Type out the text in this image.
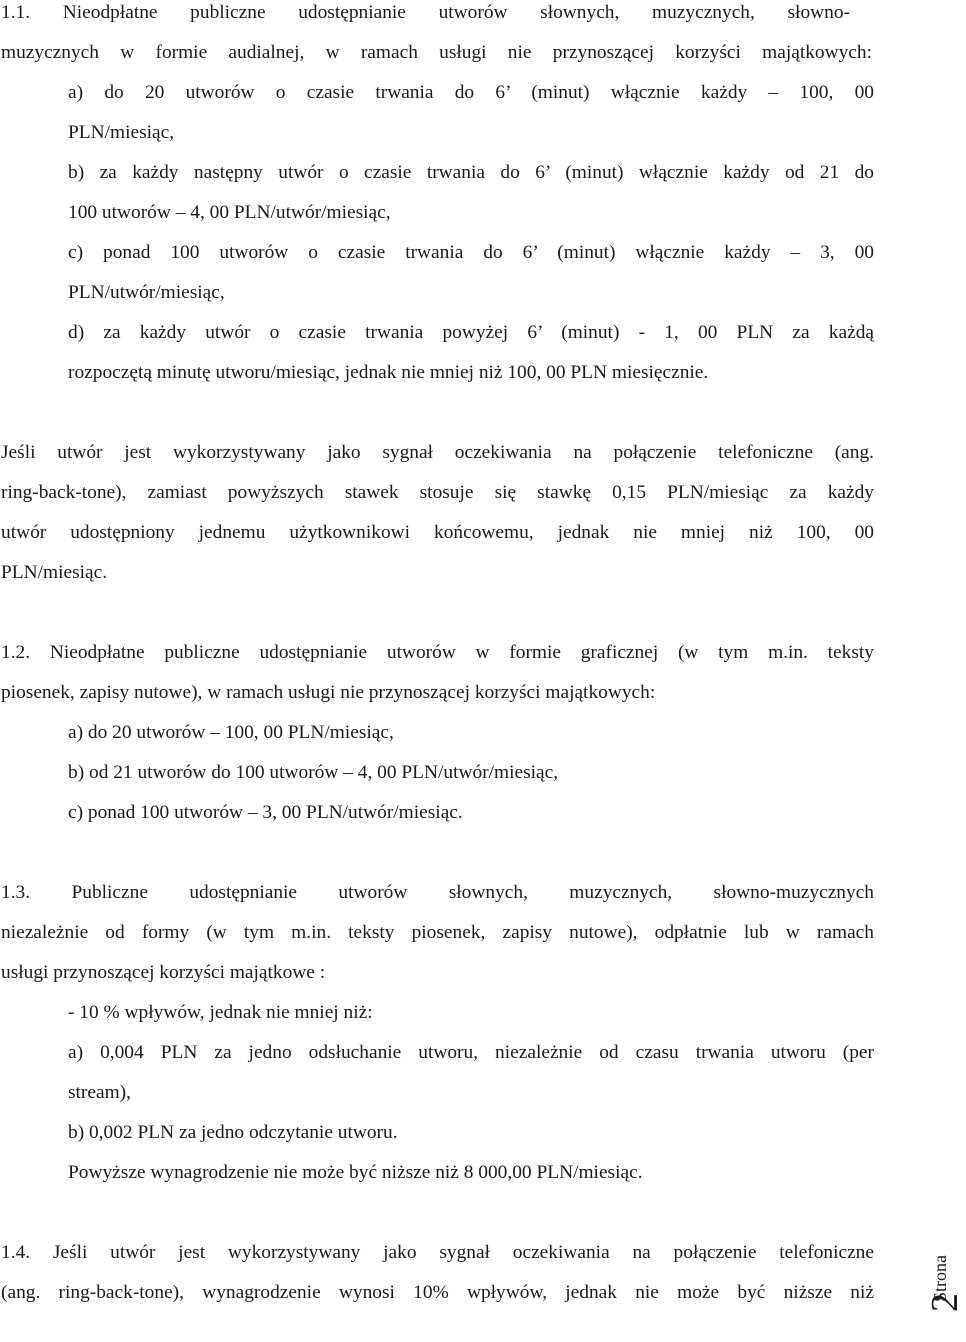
1.1. Nieodpłatne publiczne udostępnianie utworów słownych, muzycznych, słowno-

muzycznych w formie audialnej, w ramach usługi nie przynoszącej korzyści majątkowych:

a) do 20 utworów o czasie trwania do 6’ (minut) włącznie każdy – 100, 00

PLN/miesiąc,

b) za każdy następny utwór o czasie trwania do 6’ (minut) włącznie każdy od 21 do

100 utworów – 4, 00 PLN/utwór/miesiąc,

c) ponad 100 utworów o czasie trwania do 6’ (minut) włącznie każdy – 3, 00

PLN/utwór/miesiąc,

d) za każdy utwór o czasie trwania powyżej 6’ (minut) - 1, 00 PLN za każdą

rozpoczętą minutę utworu/miesiąc, jednak nie mniej niż 100, 00 PLN miesięcznie.

Jeśli utwór jest wykorzystywany jako sygnał oczekiwania na połączenie telefoniczne (ang.

ring-back-tone), zamiast powyższych stawek stosuje się stawkę 0,15 PLN/miesiąc za każdy

utwór udostępniony jednemu użytkownikowi końcowemu, jednak nie mniej niż 100, 00

PLN/miesiąc.

1.2. Nieodpłatne publiczne udostępnianie utworów w formie graficznej (w tym m.in. teksty

piosenek, zapisy nutowe), w ramach usługi nie przynoszącej korzyści majątkowych:

a) do 20 utworów – 100, 00 PLN/miesiąc,

b) od 21 utworów do 100 utworów – 4, 00 PLN/utwór/miesiąc,

c) ponad 100 utworów – 3, 00 PLN/utwór/miesiąc.

1.3. Publiczne udostępnianie utworów słownych, muzycznych, słowno-muzycznych

niezależnie od formy (w tym m.in. teksty piosenek, zapisy nutowe), odpłatnie lub w ramach

usługi przynoszącej korzyści majątkowe :

- 10 % wpływów, jednak nie mniej niż:

a) 0,004 PLN za jedno odsłuchanie utworu, niezależnie od czasu trwania utworu (per

stream),

b) 0,002 PLN za jedno odczytanie utworu.

Powyższe wynagrodzenie nie może być niższe niż 8 000,00 PLN/miesiąc.

1.4. Jeśli utwór jest wykorzystywany jako sygnał oczekiwania na połączenie telefoniczne

(ang. ring-back-tone), wynagrodzenie wynosi 10% wpływów, jednak nie może być niższe niż	Strona
2
